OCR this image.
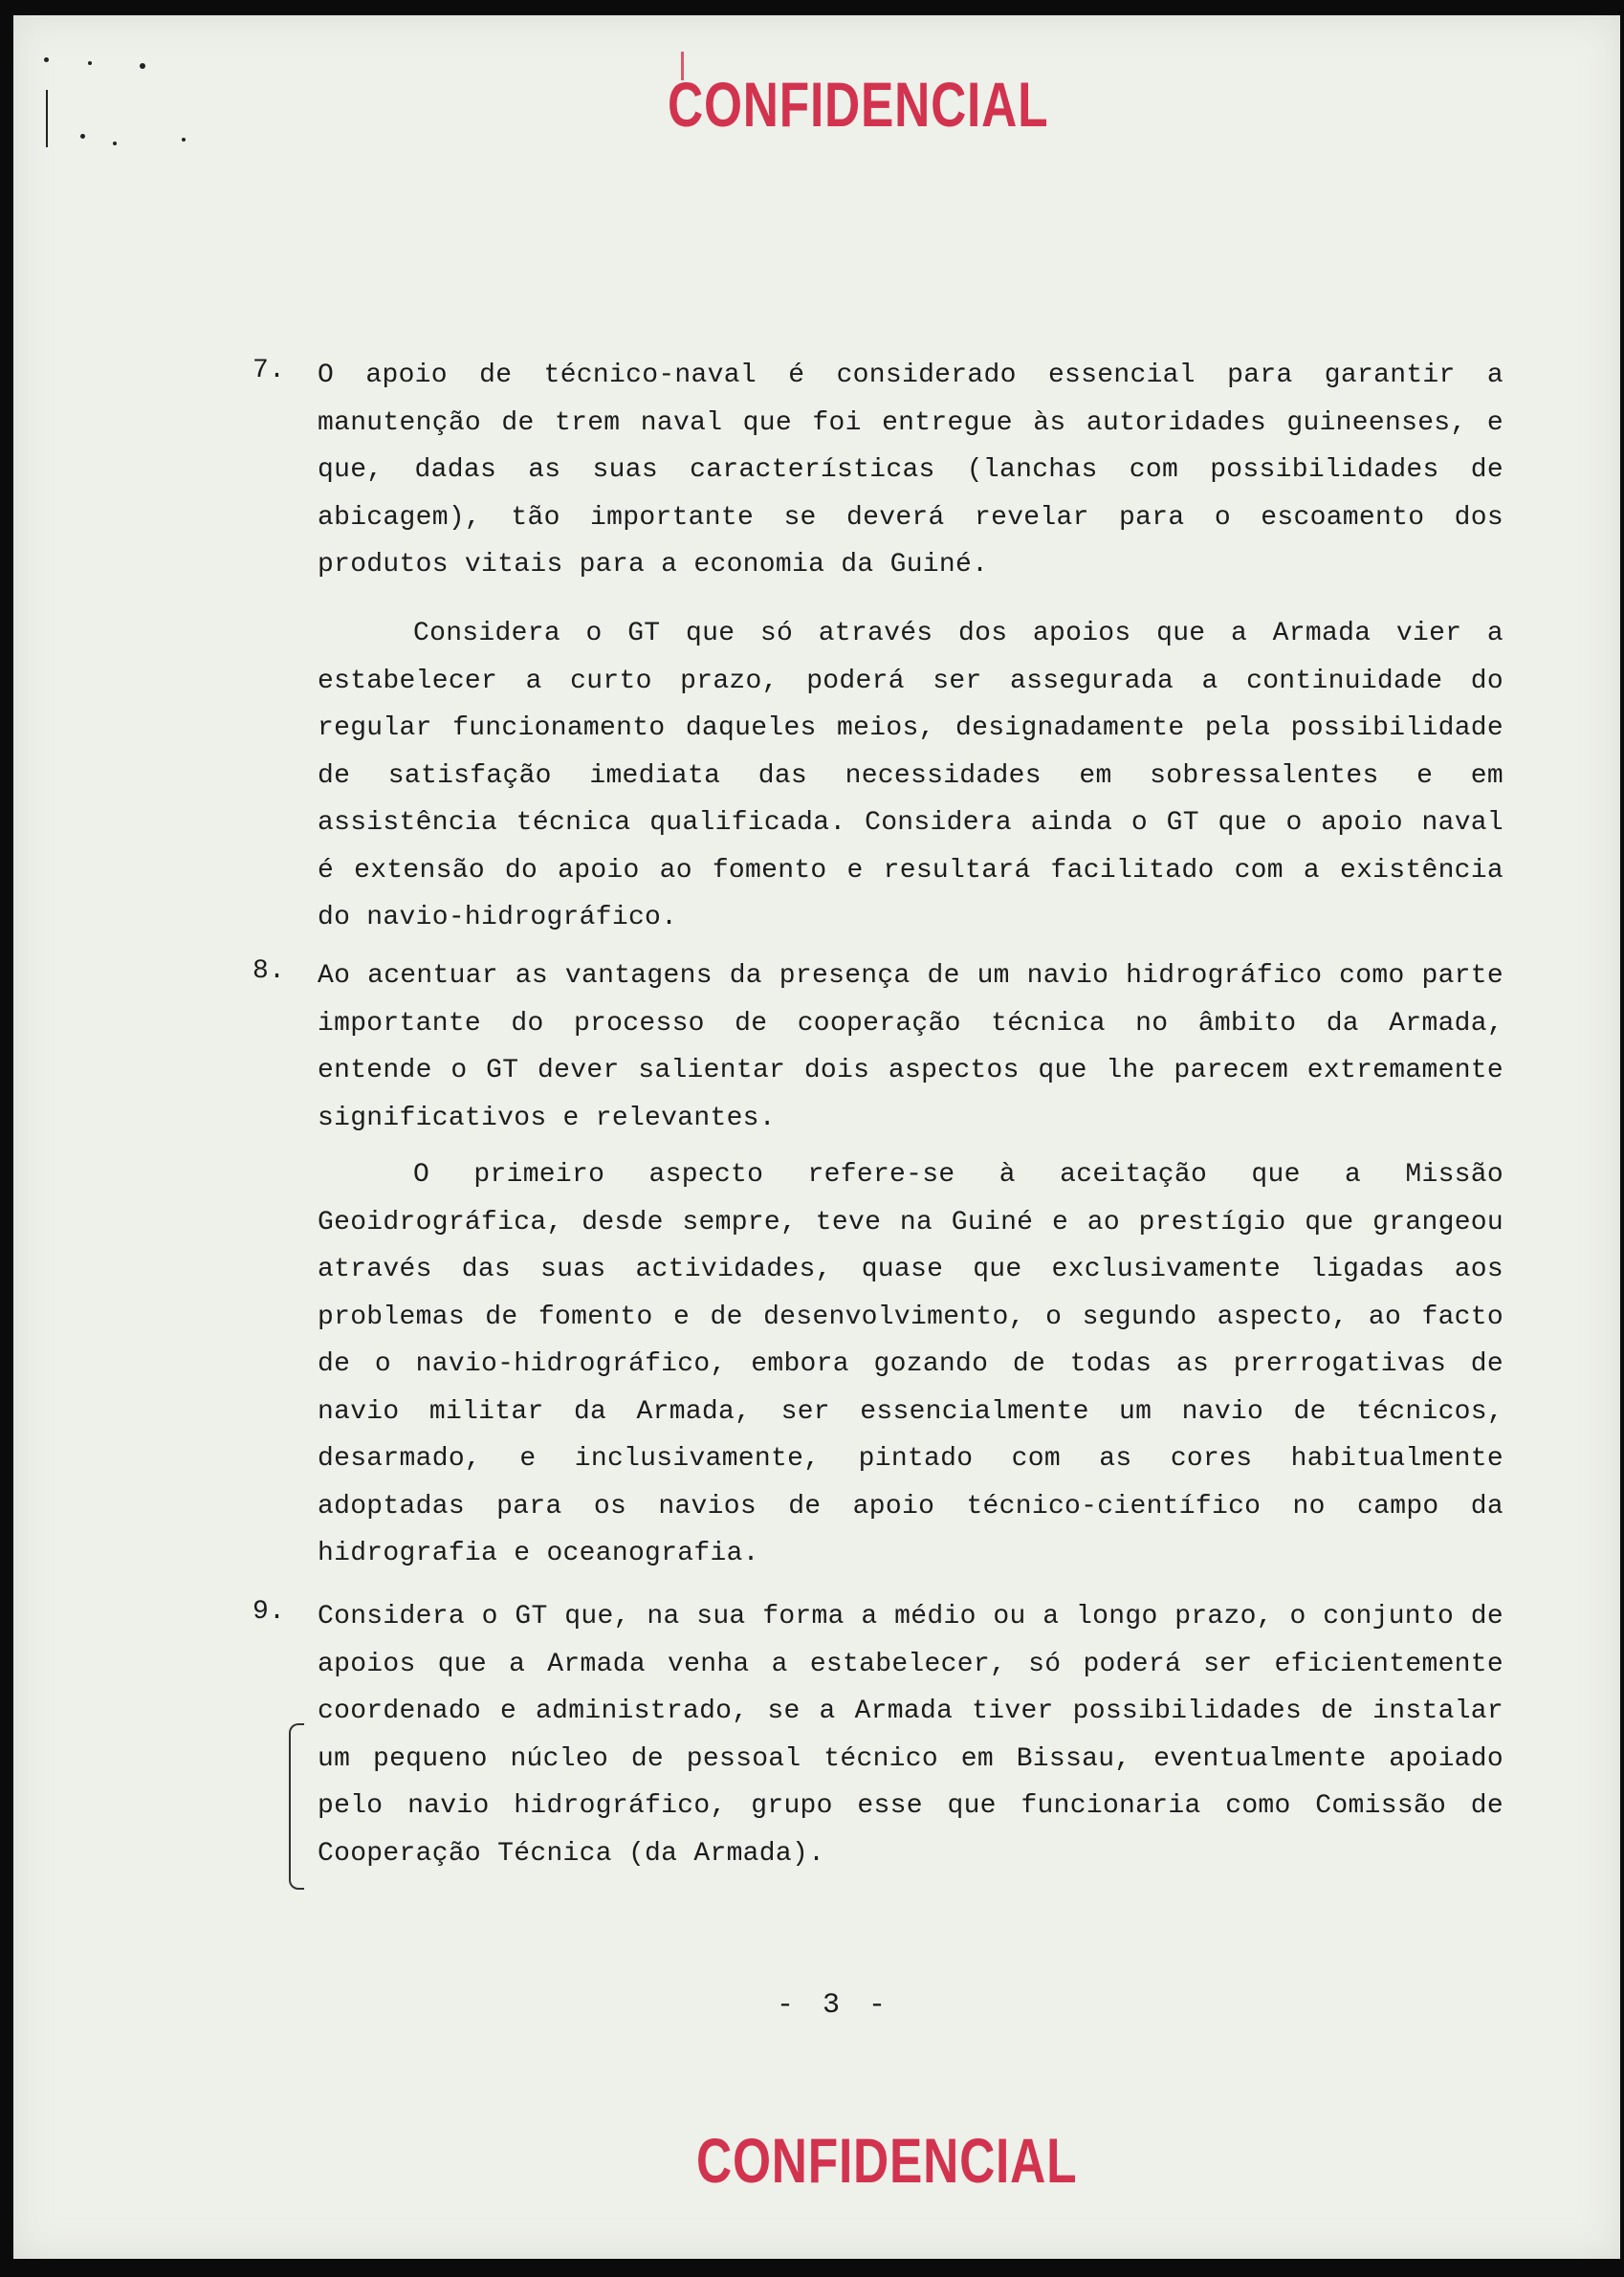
CONFIDENCIAL
7. O apoio de técnico-naval é considerado essencial para garantir a manutenção de trem naval que foi entregue às autoridades guineenses, e que, dadas as suas características (lanchas com possibilidades de abicagem), tão importante se deverá revelar para o escoamento dos produtos vitais para a economia da Guiné.

Considera o GT que só através dos apoios que a Armada vier a estabelecer a curto prazo, poderá ser assegurada a continuidade do regular funcionamento daqueles meios, designadamente pela possibilidade de satisfação imediata das necessidades em sobressalentes e em assistência técnica qualificada. Considera ainda o GT que o apoio naval é extensão do apoio ao fomento e resultará facilitado com a existência do navio-hidrográfico.

8. Ao acentuar as vantagens da presença de um navio hidrográfico como parte importante do processo de cooperação técnica no âmbito da Armada, entende o GT dever salientar dois aspectos que lhe parecem extremamente significativos e relevantes.

O primeiro aspecto refere-se à aceitação que a Missão Geoidrográfica, desde sempre, teve na Guiné e ao prestígio que grangeou através das suas actividades, quase que exclusivamente ligadas aos problemas de fomento e de desenvolvimento, o segundo aspecto, ao facto de o navio-hidrográfico, embora gozando de todas as prerrogativas de navio militar da Armada, ser essencialmente um navio de técnicos, desarmado, e inclusivamente, pintado com as cores habitualmente adoptadas para os navios de apoio técnico-científico no campo da hidrografia e oceanografia.

9. Considera o GT que, na sua forma a médio ou a longo prazo, o conjunto de apoios que a Armada venha a estabelecer, só poderá ser eficientemente coordenado e administrado, se a Armada tiver possibilidades de instalar um pequeno núcleo de pessoal técnico em Bissau, eventualmente apoiado pelo navio hidrográfico, grupo esse que funcionaria como Comissão de Cooperação Técnica (da Armada).

- 3 -
CONFIDENCIAL
